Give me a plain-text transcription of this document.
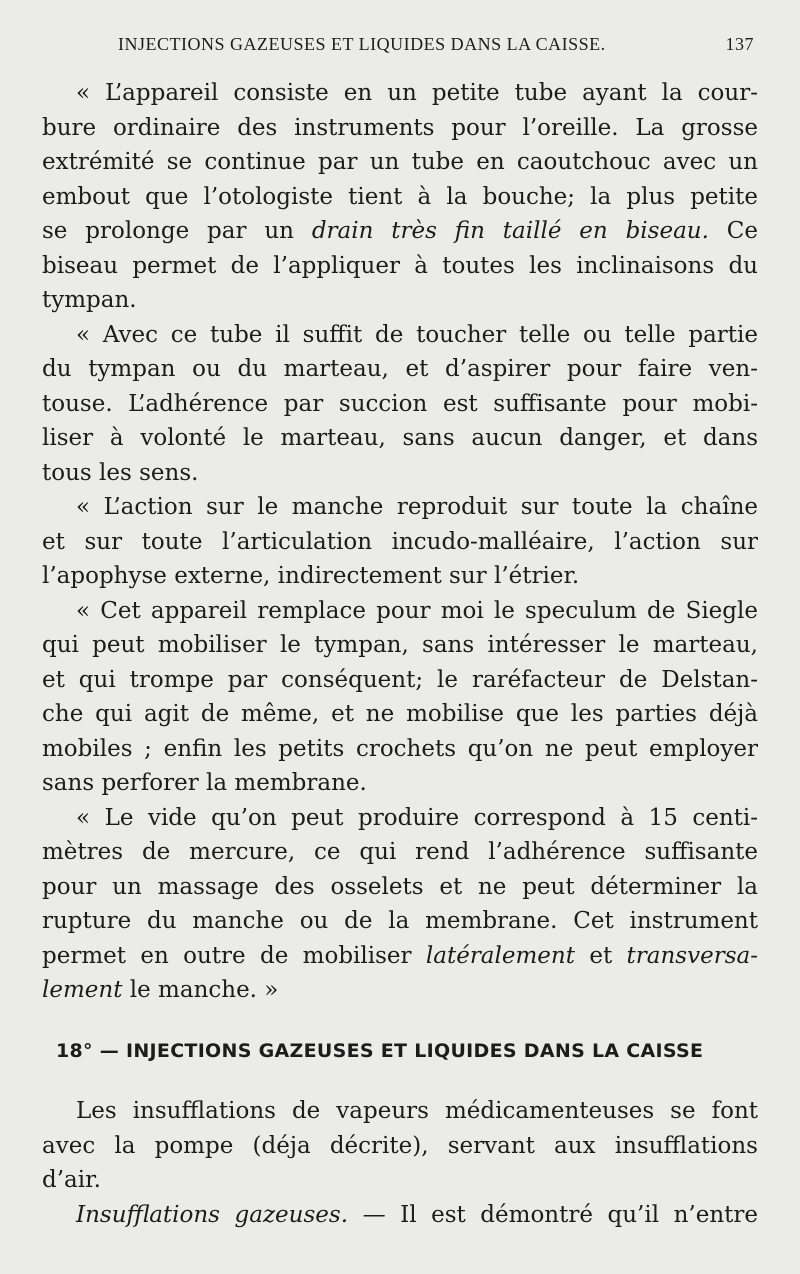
INJECTIONS GAZEUSES ET LIQUIDES DANS LA CAISSE.	137
« L’appareil consiste en un petite tube ayant la cour-
bure ordinaire des instruments pour l’oreille. La grosse
extrémité se continue par un tube en caoutchouc avec un
embout que l’otologiste tient à la bouche; la plus petite
se prolonge par un drain très fin taillé en biseau. Ce
biseau permet de l’appliquer à toutes les inclinaisons du
tympan.
« Avec ce tube il suffit de toucher telle ou telle partie
du tympan ou du marteau, et d’aspirer pour faire ven-
touse. L’adhérence par succion est suffisante pour mobi-
liser à volonté le marteau, sans aucun danger, et dans
tous les sens.
« L’action sur le manche reproduit sur toute la chaîne
et sur toute l’articulation incudo-malléaire, l’action sur
l’apophyse externe, indirectement sur l’étrier.
« Cet appareil remplace pour moi le speculum de Siegle
qui peut mobiliser le tympan, sans intéresser le marteau,
et qui trompe par conséquent; le raréfacteur de Delstan-
che qui agit de même, et ne mobilise que les parties déjà
mobiles ; enfin les petits crochets qu’on ne peut employer
sans perforer la membrane.
« Le vide qu’on peut produire correspond à 15 centi-
mètres de mercure, ce qui rend l’adhérence suffisante
pour un massage des osselets et ne peut déterminer la
rupture du manche ou de la membrane. Cet instrument
permet en outre de mobiliser latéralement et transversa-
lement le manche. »
18° — INJECTIONS GAZEUSES ET LIQUIDES DANS LA CAISSE
Les insufflations de vapeurs médicamenteuses se font
avec la pompe (déja décrite), servant aux insufflations
d’air.
Insufflations gazeuses. — Il est démontré qu’il n’entre
